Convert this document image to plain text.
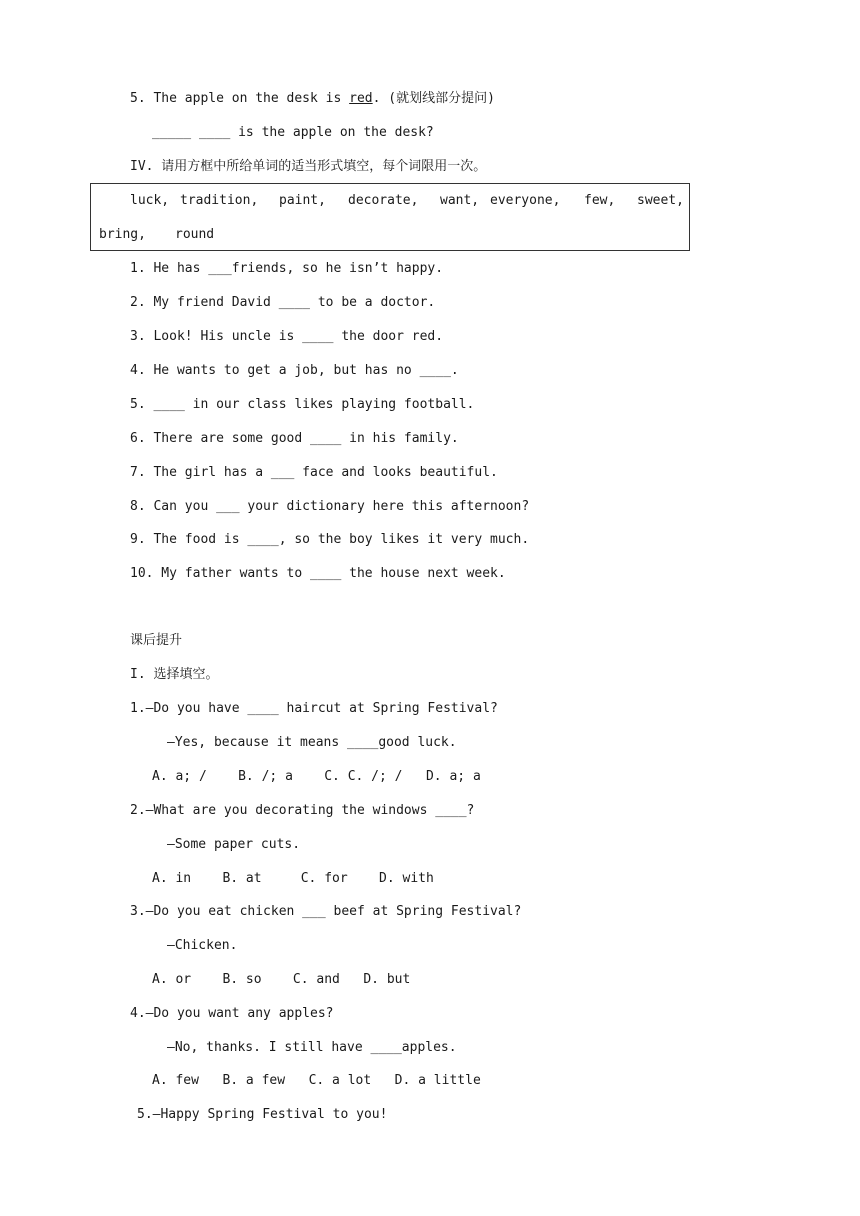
5. The apple on the desk is red. (就划线部分提问)
_____ ____ is the apple on the desk?
IV. 请用方框中所给单词的适当形式填空，每个词限用一次。
luck, tradition, paint, decorate, want, everyone, few, sweet,
bring, round
1. He has ___friends, so he isn’t happy.
2. My friend David ____ to be a doctor.
3. Look! His uncle is ____ the door red.
4. He wants to get a job, but has no ____.
5. ____ in our class likes playing football.
6. There are some good ____ in his family.
7. The girl has a ___ face and looks beautiful.
8. Can you ___ your dictionary here this afternoon?
9. The food is ____, so the boy likes it very much.
10. My father wants to ____ the house next week.
课后提升
I. 选择填空。
1.—Do you have ____ haircut at Spring Festival?
—Yes, because it means ____good luck.
A. a; / B. /; a C. C. /; / D. a; a
2.—What are you decorating the windows ____?
—Some paper cuts.
A. in B. at	C. for D. with
3.—Do you eat chicken ___ beef at Spring Festival?
—Chicken.
A. or B. so C. and D. but
4.—Do you want any apples?
—No, thanks. I still have ____apples.
A. few B. a few C. a lot D. a little
5.—Happy Spring Festival to you!
